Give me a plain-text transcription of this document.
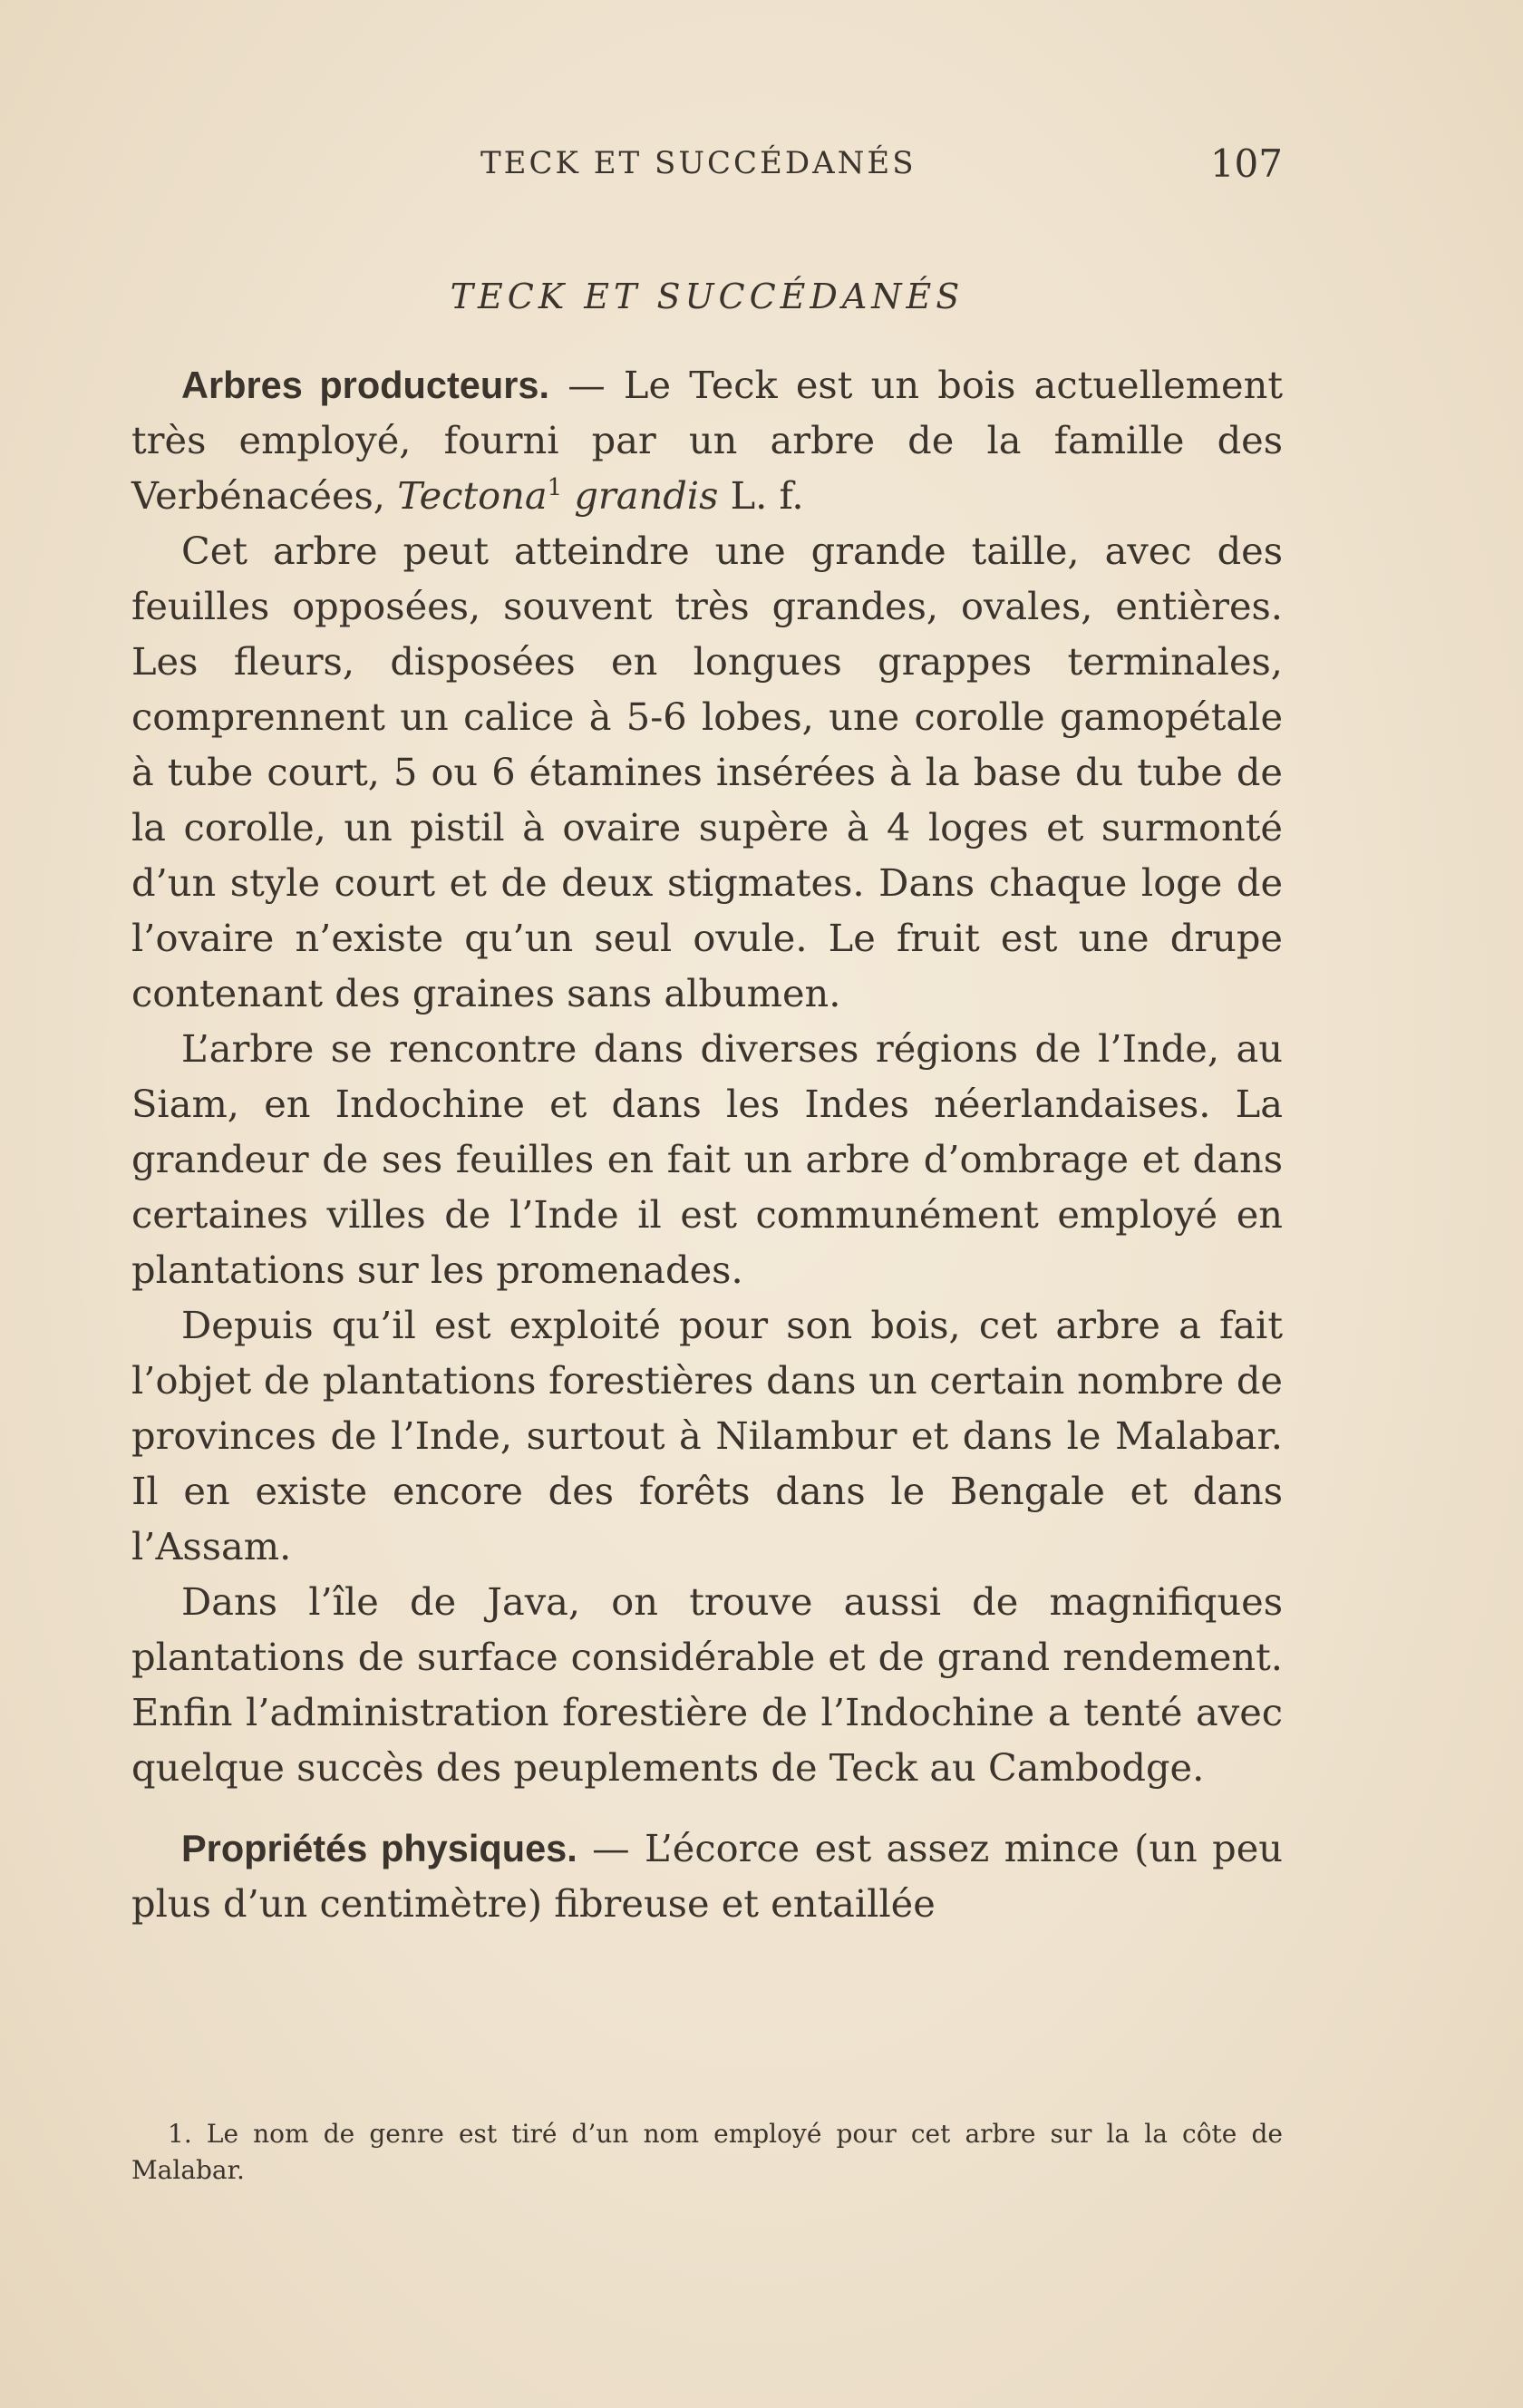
TECK ET SUCCÉDANÉS	107
TECK ET SUCCÉDANÉS

Arbres producteurs. — Le Teck est un bois actuellement très employé, fourni par un arbre de la famille des Verbénacées, Tectona$^1$ grandis L. f.

Cet arbre peut atteindre une grande taille, avec des feuilles opposées, souvent très grandes, ovales, entières. Les fleurs, disposées en longues grappes terminales, comprennent un calice à 5-6 lobes, une corolle gamopétale à tube court, 5 ou 6 étamines insérées à la base du tube de la corolle, un pistil à ovaire supère à 4 loges et surmonté d’un style court et de deux stigmates. Dans chaque loge de l’ovaire n’existe qu’un seul ovule. Le fruit est une drupe contenant des graines sans albumen.

L’arbre se rencontre dans diverses régions de l’Inde, au Siam, en Indochine et dans les Indes néerlandaises. La grandeur de ses feuilles en fait un arbre d’ombrage et dans certaines villes de l’Inde il est communément employé en plantations sur les promenades.

Depuis qu’il est exploité pour son bois, cet arbre a fait l’objet de plantations forestières dans un certain nombre de provinces de l’Inde, surtout à Nilambur et dans le Malabar. Il en existe encore des forêts dans le Bengale et dans l’Assam.

Dans l’île de Java, on trouve aussi de magnifiques plantations de surface considérable et de grand rendement. Enfin l’administration forestière de l’Indochine a tenté avec quelque succès des peuplements de Teck au Cambodge.

Propriétés physiques. — L’écorce est assez mince (un peu plus d’un centimètre) fibreuse et entaillée

1. Le nom de genre est tiré d’un nom employé pour cet arbre sur la la côte de Malabar.
